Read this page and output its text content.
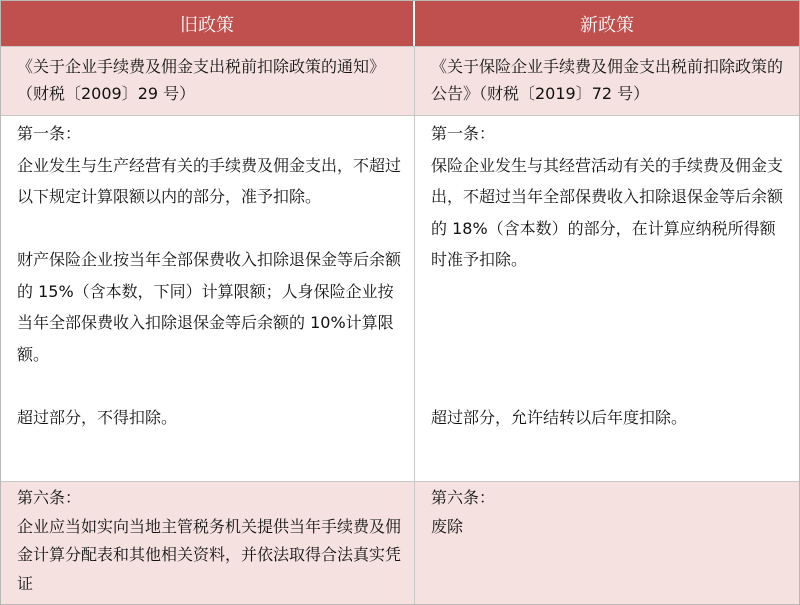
旧政策	新政策
《关于企业手续费及佣金支出税前扣除政策的通知》（财税〔2009〕29 号）
《关于保险企业手续费及佣金支出税前扣除政策的公告》（财税〔2019〕72 号）

第一条：

企业发生与生产经营有关的手续费及佣金支出，不超过以下规定计算限额以内的部分，准予扣除。

财产保险企业按当年全部保费收入扣除退保金等后余额的 15%（含本数，下同）计算限额；人身保险企业按当年全部保费收入扣除退保金等后余额的 10%计算限额。

超过部分，不得扣除。

第一条：

保险企业发生与其经营活动有关的手续费及佣金支出，不超过当年全部保费收入扣除退保金等后余额的 18%（含本数）的部分，在计算应纳税所得额时准予扣除。

超过部分，允许结转以后年度扣除。

第六条：

企业应当如实向当地主管税务机关提供当年手续费及佣金计算分配表和其他相关资料，并依法取得合法真实凭证

第六条：

废除
